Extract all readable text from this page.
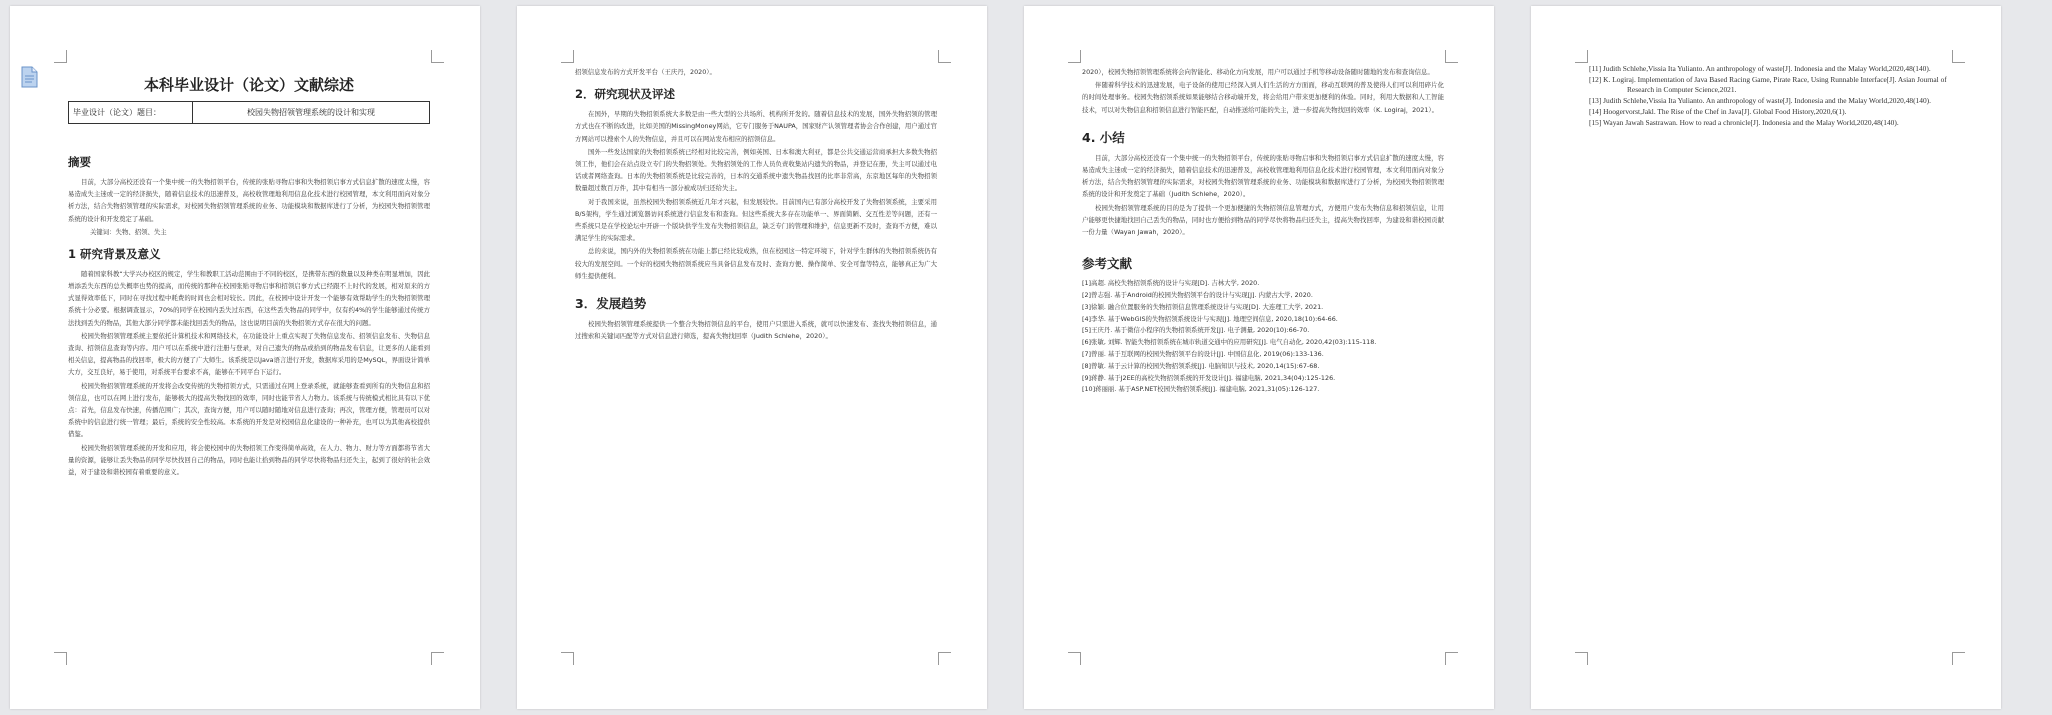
本科毕业设计（论文）文献综述
毕业设计（论文）题目：	校园失物招领管理系统的设计和实现
摘要

目前，大部分高校还没有一个集中统一的失物招领平台，传统的张贴寻物启事和失物招领启事方式信息扩散的速度太慢，容易造成失主迷或一定的经济损失，随着信息技术的迅速普及，高校收管理地利用信息化技术进行校园管理，本文利用面向对象分析方法，结合失物招领管理的实际需求，对校园失物招领管理系统的业务、功能模块和数据库进行了分析，为校园失物招领管理系统的设计和开发奠定了基础。

关键词：失物、招领、失主
1 研究背景及意义

随着国家科教“大学兴办校区的规定，学生和教职工活动范围由于不同的校区，是携带东西的数量以及种类在明显增加，因此增添丢失东西的总失概率也势的提高，而传统的那种在校园张贴寻物启事和招领启事方式已经跟不上时代的发展，相对原来的方式显得效率低下，同时在寻找过程中耗费的时间也会相对较长。因此，在校园中设计开发一个能够有效帮助学生的失物招领管理系统十分必要。根据调查显示，70%的同学在校园内丢失过东西，在这些丢失物品的同学中，仅有约4%的学生能够通过传统方法找到丢失的物品，其他大部分同学都未能找回丢失的物品，这也说明目前的失物招领方式存在很大的问题。

校园失物招领管理系统主要依托计算机技术和网络技术，在功能设计上重点实现了失物信息发布、招领信息发布、失物信息查询、招领信息查询等内容。用户可以在系统中进行注册与登录，对自己遗失的物品或拾到的物品发布信息，让更多的人能看到相关信息，提高物品的找回率，极大的方便了广大师生。该系统是以Java语言进行开发，数据库采用的是MySQL，界面设计简单大方，交互良好，易于使用，对系统平台要求不高，能够在不同平台下运行。

校园失物招领管理系统的开发将会改变传统的失物招领方式，只需通过在网上登录系统，就能够查看到所有的失物信息和招领信息，也可以在网上进行发布，能够极大的提高失物找回的效率，同时也能节省人力物力。该系统与传统模式相比具有以下优点：首先，信息发布快速，传播范围广；其次，查询方便，用户可以随时随地对信息进行查询；再次，管理方便，管理员可以对系统中的信息进行统一管理；最后，系统的安全性较高。本系统的开发是对校园信息化建设的一种补充，也可以为其他高校提供借鉴。

校园失物招领管理系统的开发和应用，将会使校园中的失物招领工作变得简单高效，在人力、物力、财力等方面都将节省大量的资源，能够让丢失物品的同学尽快找回自己的物品，同时也能让拾到物品的同学尽快将物品归还失主，起到了很好的社会效益，对于建设和谐校园有着重要的意义。

招领信息发布的方式开发平台（王庆丹，2020）。

2．研究现状及评述

在国外，早期的失物招领系统大多数是由一些大型的公共场所、机构所开发的。随着信息技术的发展，国外失物招领的管理方式也在不断的改进，比如美国的MissingMoney网站，它专门服务于NAUPA，国家财产认领管理者协会合作创建，用户通过官方网站可以搜索个人的失物信息，并且可以在网站发布相应的招领信息。

国外一些发达国家的失物招领系统已经相对比较完善，例如英国、日本和澳大利亚，都是公共交通运营商承担大多数失物招领工作，他们会在站点设立专门的失物招领处。失物招领处的工作人员负责收集站内遗失的物品，并登记在册，失主可以通过电话或者网络查询。日本的失物招领系统是比较完善的，日本的交通系统中遗失物品找回的比率非常高，东京地区每年的失物招领数量超过数百万件，其中有相当一部分被成功归还给失主。

对于我国来说，虽然校园失物招领系统近几年才兴起，但发展较快。目前国内已有部分高校开发了失物招领系统，主要采用B/S架构，学生通过浏览器访问系统进行信息发布和查询。但这些系统大多存在功能单一、界面简陋、交互性差等问题，还有一些系统只是在学校论坛中开辟一个版块供学生发布失物招领信息，缺乏专门的管理和维护，信息更新不及时，查询不方便，难以满足学生的实际需求。

总的来说，国内外的失物招领系统在功能上都已经比较成熟，但在校园这一特定环境下，针对学生群体的失物招领系统仍有较大的发展空间。一个好的校园失物招领系统应当具备信息发布及时、查询方便、操作简单、安全可靠等特点，能够真正为广大师生提供便利。

3．发展趋势

校园失物招领管理系统提供一个整合失物招领信息的平台，使用户只需进入系统，就可以快速发布、查找失物招领信息，通过搜索和关键词匹配等方式对信息进行筛选，提高失物找回率（Judith Schlehe，2020）。

2020），校园失物招领管理系统将会向智能化、移动化方向发展，用户可以通过手机等移动设备随时随地的发布和查询信息。

伴随着科学技术的迅速发展，电子设备的使用已经深入到人们生活的方方面面，移动互联网的普及使得人们可以利用碎片化的时间处理事务。校园失物招领系统如果能够结合移动端开发，将会给用户带来更加便利的体验。同时，利用大数据和人工智能技术，可以对失物信息和招领信息进行智能匹配，自动推送给可能的失主，进一步提高失物找回的效率（K. Logiraj，2021）。

4. 小结

目前，大部分高校还没有一个集中统一的失物招领平台，传统的张贴寻物启事和失物招领启事方式信息扩散的速度太慢，容易造成失主迷或一定的经济损失，随着信息技术的迅速普及，高校收管理地利用信息化技术进行校园管理，本文利用面向对象分析方法，结合失物招领管理的实际需求，对校园失物招领管理系统的业务、功能模块和数据库进行了分析，为校园失物招领管理系统的设计和开发奠定了基础（Judith Schlehe，2020）。

校园失物招领管理系统的目的是为了提供一个更加便捷的失物招领信息管理方式，方便用户发布失物信息和招领信息，让用户能够更快捷地找回自己丢失的物品，同时也方便拾到物品的同学尽快将物品归还失主，提高失物找回率，为建设和谐校园贡献一份力量（Wayan Jawah，2020）。

参考文献
[1]高超. 高校失物招领系统的设计与实现[D]. 吉林大学, 2020.
[2]曾志强. 基于Android的校园失物招领平台的设计与实现[J]. 内蒙古大学, 2020.
[3]徐颖. 融合位置服务的失物招领信息管理系统设计与实现[D]. 大连理工大学, 2021.
[4]李华. 基于WebGIS的失物招领系统设计与实现[J]. 地理空间信息, 2020,18(10):64-66.
[5]王庆丹. 基于微信小程序的失物招领系统开发[J]. 电子测量, 2020(10):66-70.
[6]张敏, 刘辉. 智能失物招领系统在城市轨道交通中的应用研究[J]. 电气自动化, 2020,42(03):115-118.
[7]曾丽. 基于互联网的校园失物招领平台的设计[J]. 中国信息化, 2019(06):133-136.
[8]曾敏. 基于云计算的校园失物招领系统[J]. 电脑知识与技术, 2020,14(15):67-68.
[9]蒋静. 基于J2EE的高校失物招领系统的开发设计[J]. 福建电脑, 2021,34(04):125-126.
[10]蒋丽丽. 基于ASP.NET校园失物招领系统[J]. 福建电脑, 2021,31(05):126-127.
[11] Judith Schlehe,Vissia Ita Yulianto. An anthropology of waste[J]. Indonesia and the Malay World,2020,48(140).
[12] K. Logiraj. Implementation of Java Based Racing Game, Pirate Race, Using Runnable Interface[J]. Asian Journal of Research in Computer Science,2021.
[13] Judith Schlehe,Vissia Ita Yulianto. An anthropology of waste[J]. Indonesia and the Malay World,2020,48(140).
[14] Hoogervorst,Jakl. The Rise of the Chef in Java[J]. Global Food History,2020,6(1).
[15] Wayan Jawah Sastrawan. How to read a chronicle[J]. Indonesia and the Malay World,2020,48(140).
